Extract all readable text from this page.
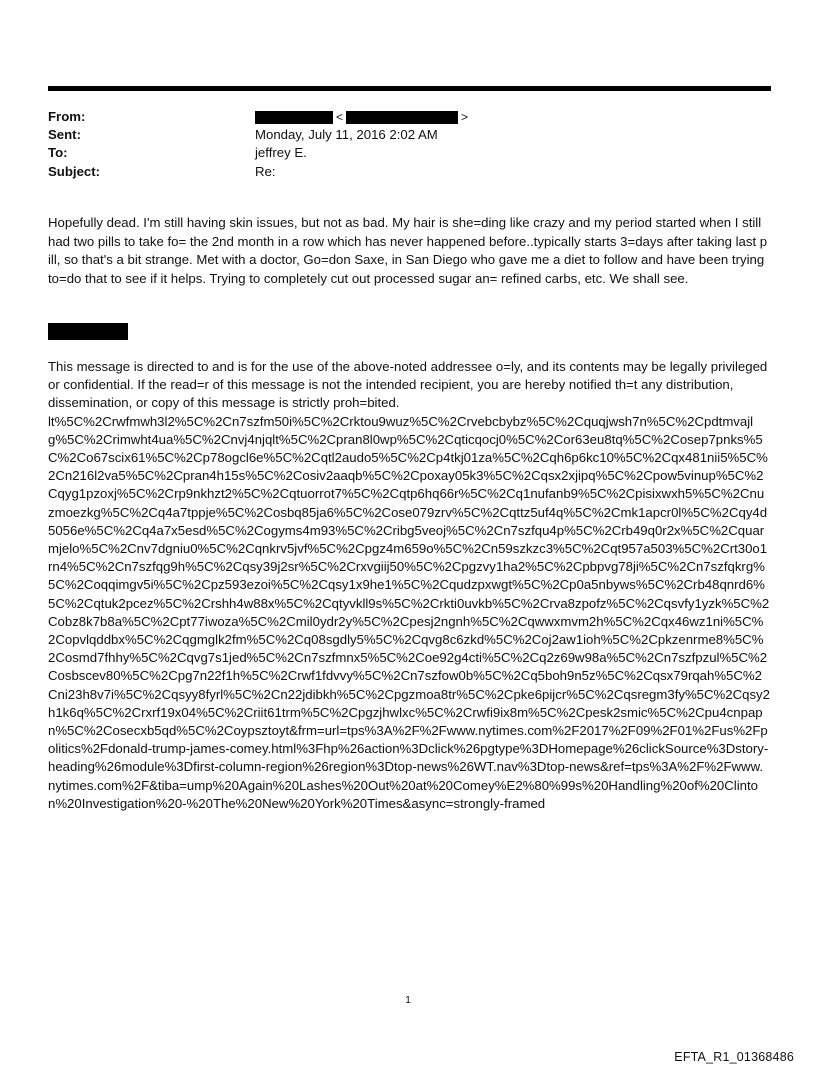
From:	<	>
Sent:	Monday, July 11, 2016 2:02 AM
To:	jeffrey E.
Subject:	Re:
Hopefully dead. I'm still having skin issues, but not as bad. My hair is she=ding like crazy and my period started when I still had two pills to take fo= the 2nd month in a row which has never happened before..typically starts 3=days after taking last pill, so that's a bit strange. Met with a doctor, Go=don Saxe, in San Diego who gave me a diet to follow and have been trying to=do that to see if it helps. Trying to completely cut out processed sugar an= refined carbs, etc. We shall see.
This message is directed to and is for the use of the above-noted addressee o=ly, and its contents may be legally privileged or confidential. If the read=r of this message is not the intended recipient, you are hereby notified th=t any distribution, dissemination, or copy of this message is strictly proh=bited.
lt%5C%2Crwfmwh3l2%5C%2Cn7szfm50i%5C%2Crktou9wuz%5C%2Crvebcbybz%5C%2Cquqjwsh7n%5C%2Cpdtmvajlg%5C%2Crimwht4ua%5C%2Cnvj4njqlt%5C%2Cpran8l0wp%5C%2Cqticqocj0%5C%2Cor63eu8tq%5C%2Cosep7pnks%5C%2Co67scix61%5C%2Cp78ogcl6e%5C%2Cqtl2audo5%5C%2Cp4tkj01za%5C%2Cqh6p6kc10%5C%2Cqx481nii5%5C%2Cn216l2va5%5C%2Cpran4h15s%5C%2Cosiv2aaqb%5C%2Cpoxay05k3%5C%2Cqsx2xjipq%5C%2Cpow5vinup%5C%2Cqyg1pzoxj%5C%2Crp9nkhzt2%5C%2Cqtuorrot7%5C%2Cqtp6hq66r%5C%2Cq1nufanb9%5C%2Cpisixwxh5%5C%2Cnuzmoezkg%5C%2Cq4a7tppje%5C%2Cosbq85ja6%5C%2Cose079zrv%5C%2Cqttz5uf4q%5C%2Cmk1apcr0l%5C%2Cqy4d5056e%5C%2Cq4a7x5esd%5C%2Cogyms4m93%5C%2Cribg5veoj%5C%2Cn7szfqu4p%5C%2Crb49q0r2x%5C%2Cquarmjelo%5C%2Cnv7dgniu0%5C%2Cqnkrv5jvf%5C%2Cpgz4m659o%5C%2Cn59szkzc3%5C%2Cqt957a503%5C%2Crt30o1rn4%5C%2Cn7szfqg9h%5C%2Cqsy39j2sr%5C%2Crxvgiij50%5C%2Cpgzvy1ha2%5C%2Cpbpvg78ji%5C%2Cn7szfqkrg%5C%2Coqqimgv5i%5C%2Cpz593ezoi%5C%2Cqsy1x9he1%5C%2Cqudzpxwgt%5C%2Cp0a5nbyws%5C%2Crb48qnrd6%5C%2Cqtuk2pcez%5C%2Crshh4w88x%5C%2Cqtyvkll9s%5C%2Crkti0uvkb%5C%2Crva8zpofz%5C%2Cqsvfy1yzk%5C%2Cobz8k7b8a%5C%2Cpt77iwoza%5C%2Cmil0ydr2y%5C%2Cpesj2ngnh%5C%2Cqwwxmvm2h%5C%2Cqx46wz1ni%5C%2Copvlqddbx%5C%2Cqgmglk2fm%5C%2Cq08sgdly5%5C%2Cqvg8c6zkd%5C%2Coj2aw1ioh%5C%2Cpkzenrme8%5C%2Cosmd7fhhy%5C%2Cqvg7s1jed%5C%2Cn7szfmnx5%5C%2Coe92g4cti%5C%2Cq2z69w98a%5C%2Cn7szfpzul%5C%2Cosbscev80%5C%2Cpg7n22f1h%5C%2Crwf1fdvvy%5C%2Cn7szfow0b%5C%2Cq5boh9n5z%5C%2Cqsx79rqah%5C%2Cni23h8v7i%5C%2Cqsyy8fyrl%5C%2Cn22jdibkh%5C%2Cpgzmoa8tr%5C%2Cpke6pijcr%5C%2Cqsregm3fy%5C%2Cqsy2h1k6q%5C%2Crxrf19x04%5C%2Criit61trm%5C%2Cpgzjhwlxc%5C%2Crwfi9ix8m%5C%2Cpesk2smic%5C%2Cpu4cnpapn%5C%2Cosecxb5qd%5C%2Coypsztoyt&frm=url=tps%3A%2F%2Fwww.nytimes.com%2F2017%2F09%2F01%2Fus%2Fpolitics%2Fdonald-trump-james-comey.html%3Fhp%26action%3Dclick%26pgtype%3DHomepage%26clickSource%3Dstory-heading%26module%3Dfirst-column-region%26region%3Dtop-news%26WT.nav%3Dtop-news&ref=tps%3A%2F%2Fwww.nytimes.com%2F&tiba=ump%20Again%20Lashes%20Out%20at%20Comey%E2%80%99s%20Handling%20of%20Clinton%20Investigation%20-%20The%20New%20York%20Times&async=strongly-framed
1
EFTA_R1_01368486
